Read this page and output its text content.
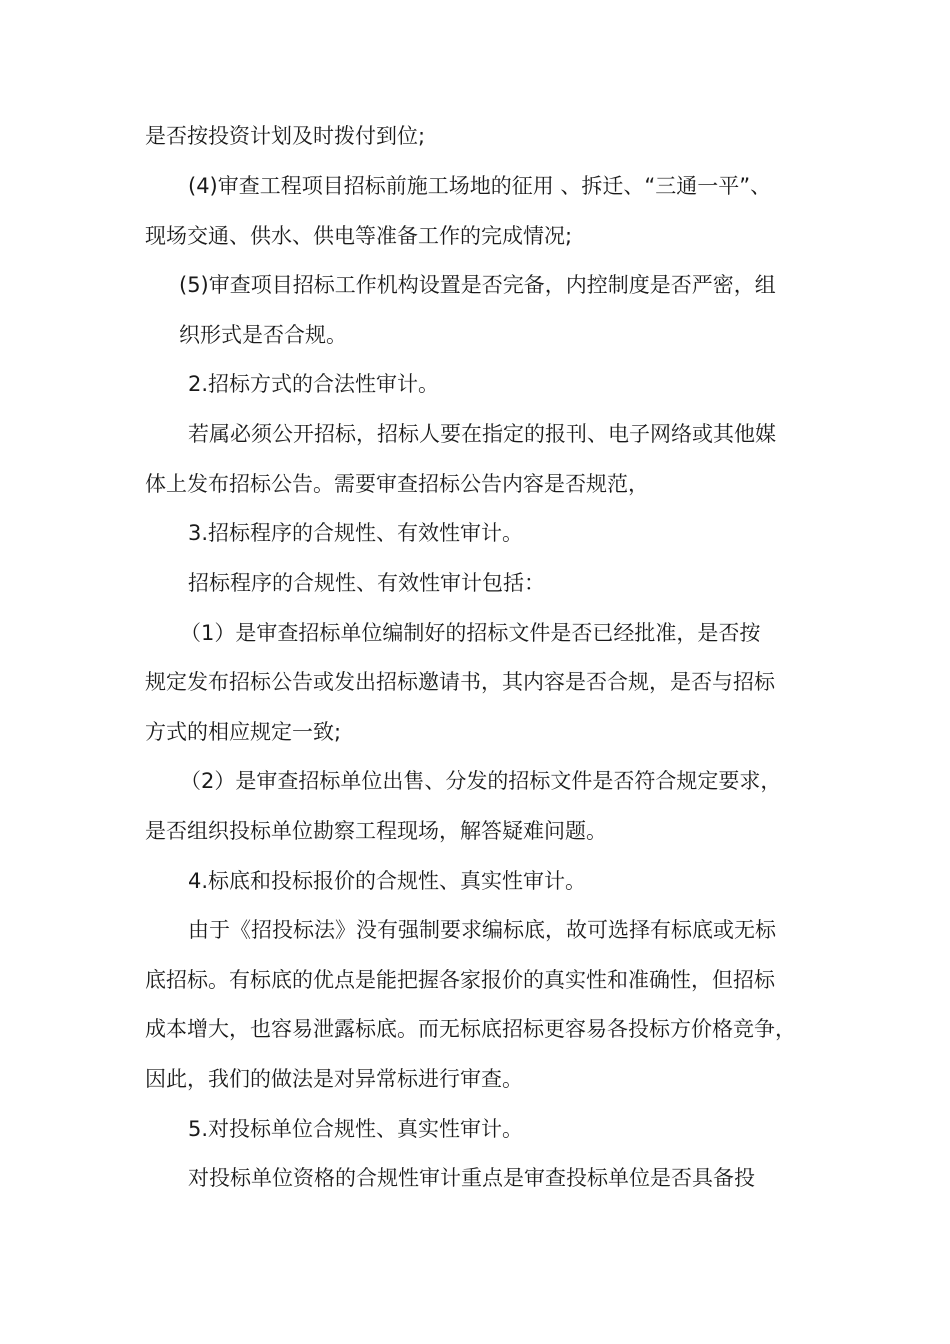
是否按投资计划及时拨付到位;

(4)审查工程项目招标前施工场地的征用 、拆迁、“三通一平”、

现场交通、供水、供电等准备工作的完成情况;

(5)审查项目招标工作机构设置是否完备，内控制度是否严密，组

织形式是否合规。

2.招标方式的合法性审计。

若属必须公开招标，招标人要在指定的报刊、电子网络或其他媒

体上发布招标公告。需要审查招标公告内容是否规范，

3.招标程序的合规性、有效性审计。

招标程序的合规性、有效性审计包括：

（1）是审查招标单位编制好的招标文件是否已经批准，是否按

规定发布招标公告或发出招标邀请书，其内容是否合规，是否与招标

方式的相应规定一致;

（2）是审查招标单位出售、分发的招标文件是否符合规定要求，

是否组织投标单位勘察工程现场，解答疑难问题。

4.标底和投标报价的合规性、真实性审计。

由于《招投标法》没有强制要求编标底，故可选择有标底或无标

底招标。有标底的优点是能把握各家报价的真实性和准确性，但招标

成本增大，也容易泄露标底。而无标底招标更容易各投标方价格竞争，

因此，我们的做法是对异常标进行审查。

5.对投标单位合规性、真实性审计。

对投标单位资格的合规性审计重点是审查投标单位是否具备投
